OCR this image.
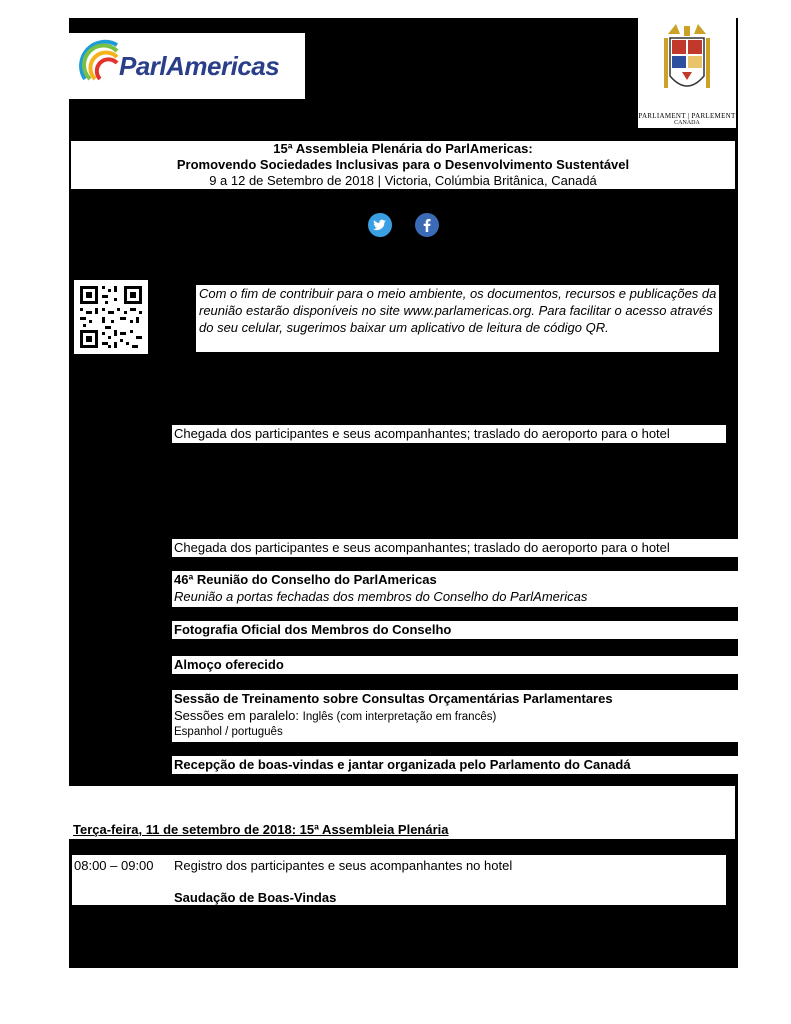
ParlAmericas
PARLIAMENT | PARLEMENT
CANADA
15ª Assembleia Plenária do ParlAmericas:
Promovendo Sociedades Inclusivas para o Desenvolvimento Sustentável
9 a 12 de Setembro de 2018 | Victoria, Colúmbia Britânica, Canadá
Com o fim de contribuir para o meio ambiente, os documentos, recursos e publicações da reunião estarão disponíveis no site www.parlamericas.org. Para facilitar o acesso através do seu celular, sugerimos baixar um aplicativo de leitura de código QR.
Chegada dos participantes e seus acompanhantes; traslado do aeroporto para o hotel
Chegada dos participantes e seus acompanhantes; traslado do aeroporto para o hotel
46ª Reunião do Conselho do ParlAmericas
Reunião a portas fechadas dos membros do Conselho do ParlAmericas
Fotografia Oficial dos Membros do Conselho
Almoço oferecido
Sessão de Treinamento sobre Consultas Orçamentárias Parlamentares
Sessões em paralelo: Inglês (com interpretação em francês)
Espanhol / português
Recepção de boas-vindas e jantar organizada pelo Parlamento do Canadá
Terça-feira, 11 de setembro de 2018: 15ª Assembleia Plenária
08:00 – 09:00 Registro dos participantes e seus acompanhantes no hotel
Saudação de Boas-Vindas
